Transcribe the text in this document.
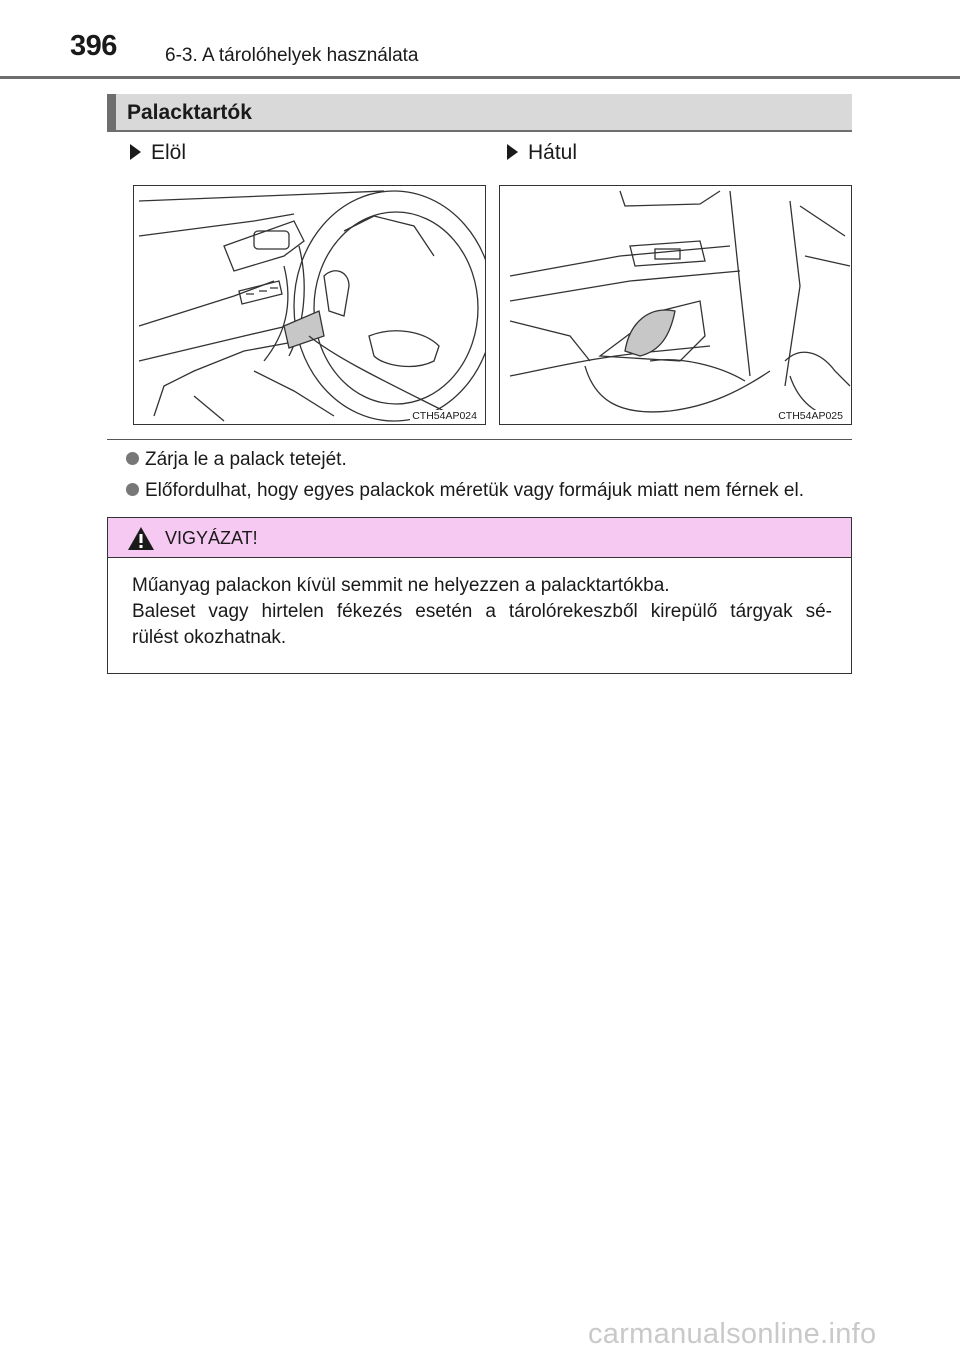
396	6-3. A tárolóhelyek használata
Palacktartók
Elöl	Hátul
CTH54AP024	CTH54AP025
Zárja le a palack tetejét.
Előfordulhat, hogy egyes palackok méretük vagy formájuk miatt nem férnek el.
VIGYÁZAT!

Műanyag palackon kívül semmit ne helyezzen a palacktartókba.

Baleset vagy hirtelen fékezés esetén a tárolórekeszből kirepülő tárgyak sé-

rülést okozhatnak.

carmanualsonline.info
